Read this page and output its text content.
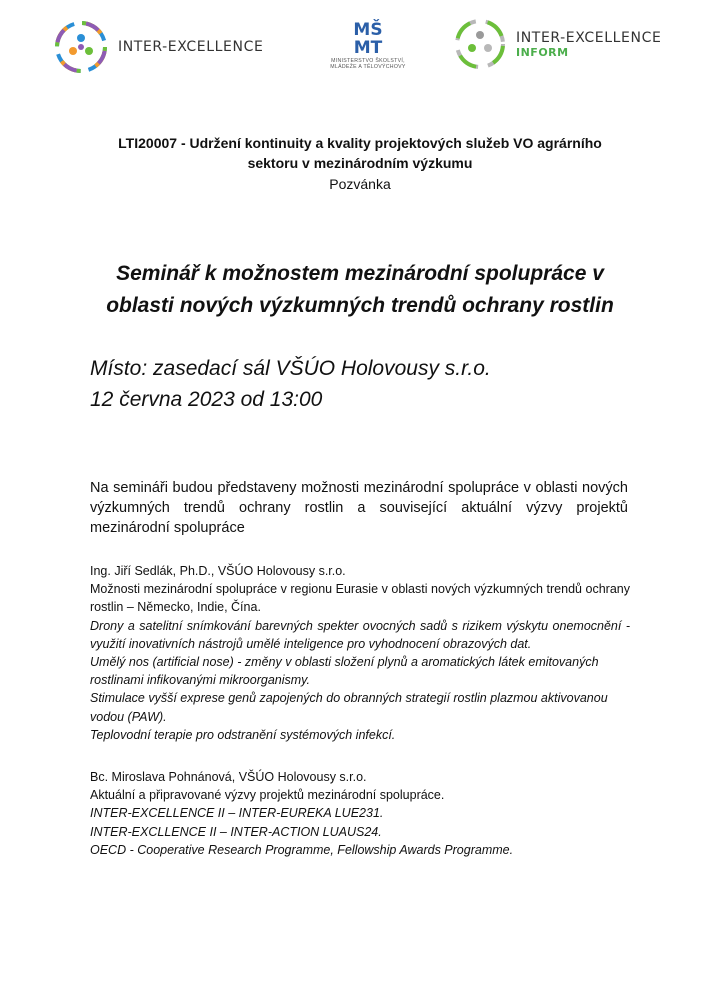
INTER-EXCELLENCE
MŠ
MT
MINISTERSTVO ŠKOLSTVÍ,
MLÁDEŽE A TĚLOVÝCHOVY
INTER-EXCELLENCE
INFORM
LTI20007 - Udržení kontinuity a kvality projektových služeb VO agrárního
sektoru v mezinárodním výzkumu
Pozvánka
Seminář k možnostem mezinárodní spolupráce v
oblasti nových výzkumných trendů ochrany rostlin
Místo: zasedací sál VŠÚO Holovousy s.r.o.
12 června 2023 od 13:00
Na semináři budou představeny možnosti mezinárodní spolupráce v oblasti nových výzkumných trendů ochrany rostlin a související aktuální výzvy projektů mezinárodní spolupráce

Ing. Jiří Sedlák, Ph.D., VŠÚO Holovousy s.r.o.

Možnosti mezinárodní spolupráce v regionu Eurasie v oblasti nových výzkumných trendů ochrany rostlin – Německo, Indie, Čína.

Drony a satelitní snímkování barevných spekter ovocných sadů s rizikem výskytu onemocnění - využití inovativních nástrojů umělé inteligence pro vyhodnocení obrazových dat.

Umělý nos (artificial nose) - změny v oblasti složení plynů a aromatických látek emitovaných rostlinami infikovanými mikroorganismy.

Stimulace vyšší exprese genů zapojených do obranných strategií rostlin plazmou aktivovanou vodou (PAW).

Teplovodní terapie pro odstranění systémových infekcí.

Bc. Miroslava Pohnánová, VŠÚO Holovousy s.r.o.

Aktuální a připravované výzvy projektů mezinárodní spolupráce.

INTER-EXCELLENCE II – INTER-EUREKA LUE231.

INTER-EXCLLENCE II – INTER-ACTION LUAUS24.

OECD - Cooperative Research Programme, Fellowship Awards Programme.
